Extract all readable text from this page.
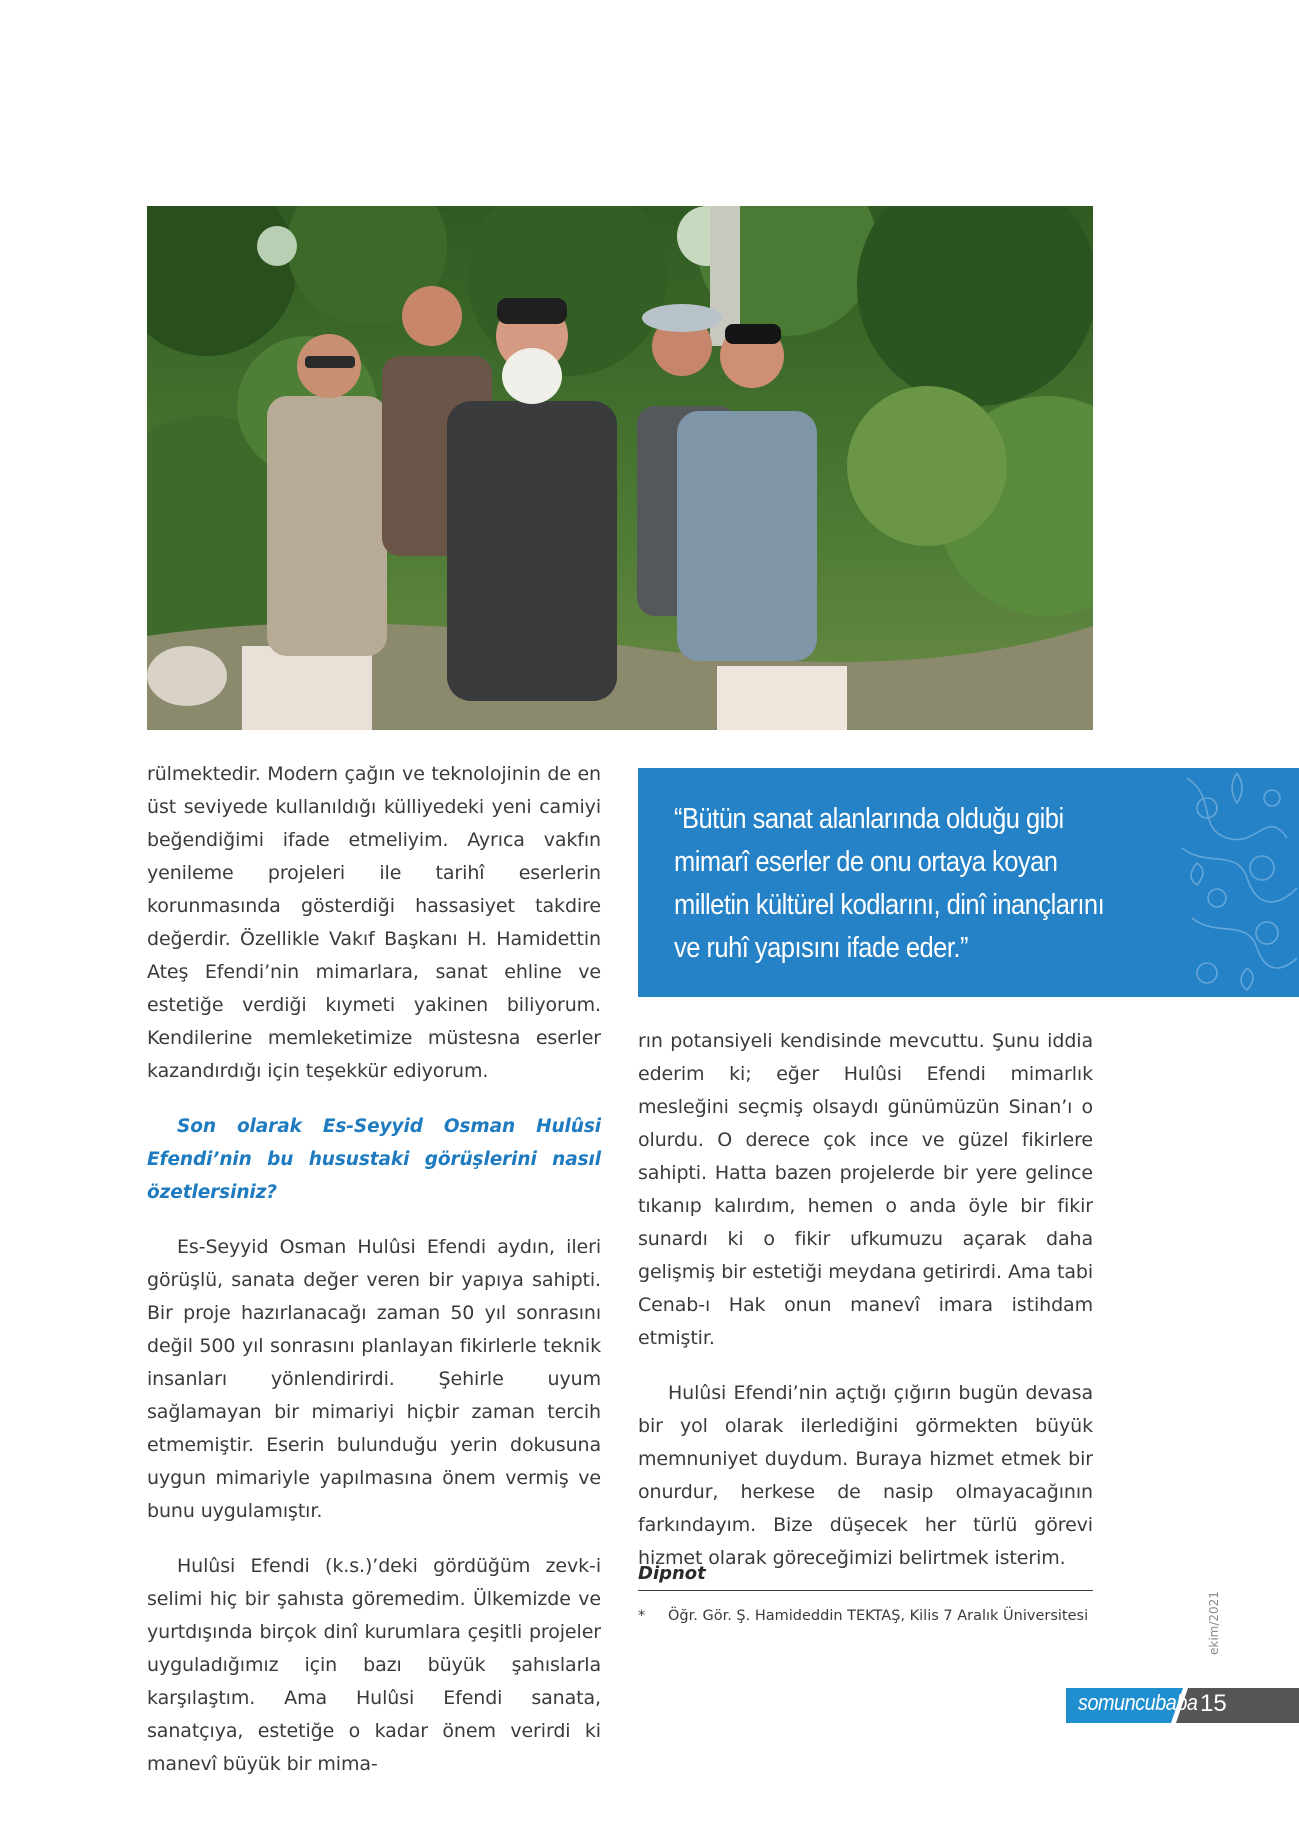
rülmektedir. Modern çağın ve teknolojinin de en üst seviyede kullanıldığı külliyedeki yeni camiyi beğendiğimi ifade etmeliyim. Ayrıca vakfın yenileme projeleri ile tarihî eserlerin korunmasında gösterdiği hassasiyet takdire değerdir. Özellikle Vakıf Başkanı H. Hamidettin Ateş Efendi’nin mimarlara, sanat ehline ve estetiğe verdiği kıymeti yakinen biliyorum. Kendilerine memleketimize müstesna eserler kazandırdığı için teşekkür ediyorum.

Son olarak Es-Seyyid Osman Hulûsi Efendi’nin bu husustaki görüşlerini nasıl özetlersiniz?

Es-Seyyid Osman Hulûsi Efendi aydın, ileri görüşlü, sanata değer veren bir yapıya sahipti. Bir proje hazırlanacağı zaman 50 yıl sonrasını değil 500 yıl sonrasını planlayan fikirlerle teknik insanları yönlendirirdi. Şehirle uyum sağlamayan bir mimariyi hiçbir zaman tercih etmemiştir. Eserin bulunduğu yerin dokusuna uygun mimariyle yapılmasına önem vermiş ve bunu uygulamıştır.

Hulûsi Efendi (k.s.)’deki gördüğüm zevk-i selimi hiç bir şahısta göremedim. Ülkemizde ve yurtdışında birçok dinî kurumlara çeşitli projeler uyguladığımız için bazı büyük şahıslarla karşılaştım. Ama Hulûsi Efendi sanata, sanatçıya, estetiğe o kadar önem verirdi ki manevî büyük bir mima-

“Bütün sanat alanlarında olduğu gibi mimarî eserler de onu ortaya koyan milletin kültürel kodlarını, dinî inançlarını ve ruhî yapısını ifade eder.”

rın potansiyeli kendisinde mevcuttu. Şunu iddia ederim ki; eğer Hulûsi Efendi mimarlık mesleğini seçmiş olsaydı günümüzün Sinan’ı o olurdu. O derece çok ince ve güzel fikirlere sahipti. Hatta bazen projelerde bir yere gelince tıkanıp kalırdım, hemen o anda öyle bir fikir sunardı ki o fikir ufkumuzu açarak daha gelişmiş bir estetiği meydana getirirdi. Ama tabi Cenab-ı Hak onun manevî imara istihdam etmiştir.

Hulûsi Efendi’nin açtığı çığırın bugün devasa bir yol olarak ilerlediğini görmekten büyük memnuniyet duydum. Buraya hizmet etmek bir onurdur, herkese de nasip olmayacağının farkındayım. Bize düşecek her türlü görevi hizmet olarak göreceğimizi belirtmek isterim.

Dipnot
* Öğr. Gör. Ş. Hamideddin TEKTAŞ, Kilis 7 Aralık Üniversitesi	ekim/2021
somuncubaba 15
